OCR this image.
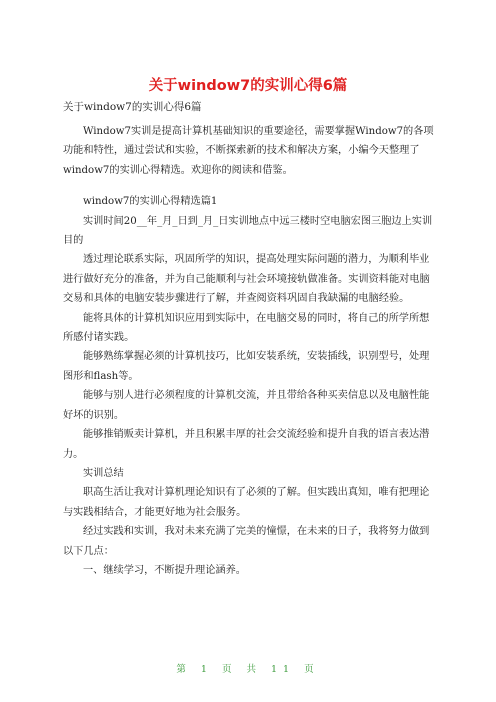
关于window7的实训心得6篇
关于window7的实训心得6篇

Window7实训是提高计算机基础知识的重要途径，需要掌握Window7的各项功能和特性，通过尝试和实验，不断探索新的技术和解决方案，小编今天整理了window7的实训心得精选。欢迎你的阅读和借鉴。

window7的实训心得精选篇1

实训时间20__年_月_日到_月_日实训地点中远三楼时空电脑宏图三胞边上实训目的

透过理论联系实际，巩固所学的知识，提高处理实际问题的潜力，为顺利毕业进行做好充分的准备，并为自己能顺利与社会环境接轨做准备。实训资料能对电脑交易和具体的电脑安装步骤进行了解，并查阅资料巩固自我缺漏的电脑经验。

能将具体的计算机知识应用到实际中，在电脑交易的同时，将自己的所学所想所感付诸实践。

能够熟练掌握必须的计算机技巧，比如安装系统，安装插线，识别型号，处理图形和flash等。

能够与别人进行必须程度的计算机交流，并且带给各种买卖信息以及电脑性能好坏的识别。

能够推销贩卖计算机，并且积累丰厚的社会交流经验和提升自我的语言表达潜力。

实训总结

职高生活让我对计算机理论知识有了必须的了解。但实践出真知，唯有把理论与实践相结合，才能更好地为社会服务。

经过实践和实训，我对未来充满了完美的憧憬，在未来的日子，我将努力做到以下几点：

一、继续学习，不断提升理论涵养。

第 1 页 共 11 页
